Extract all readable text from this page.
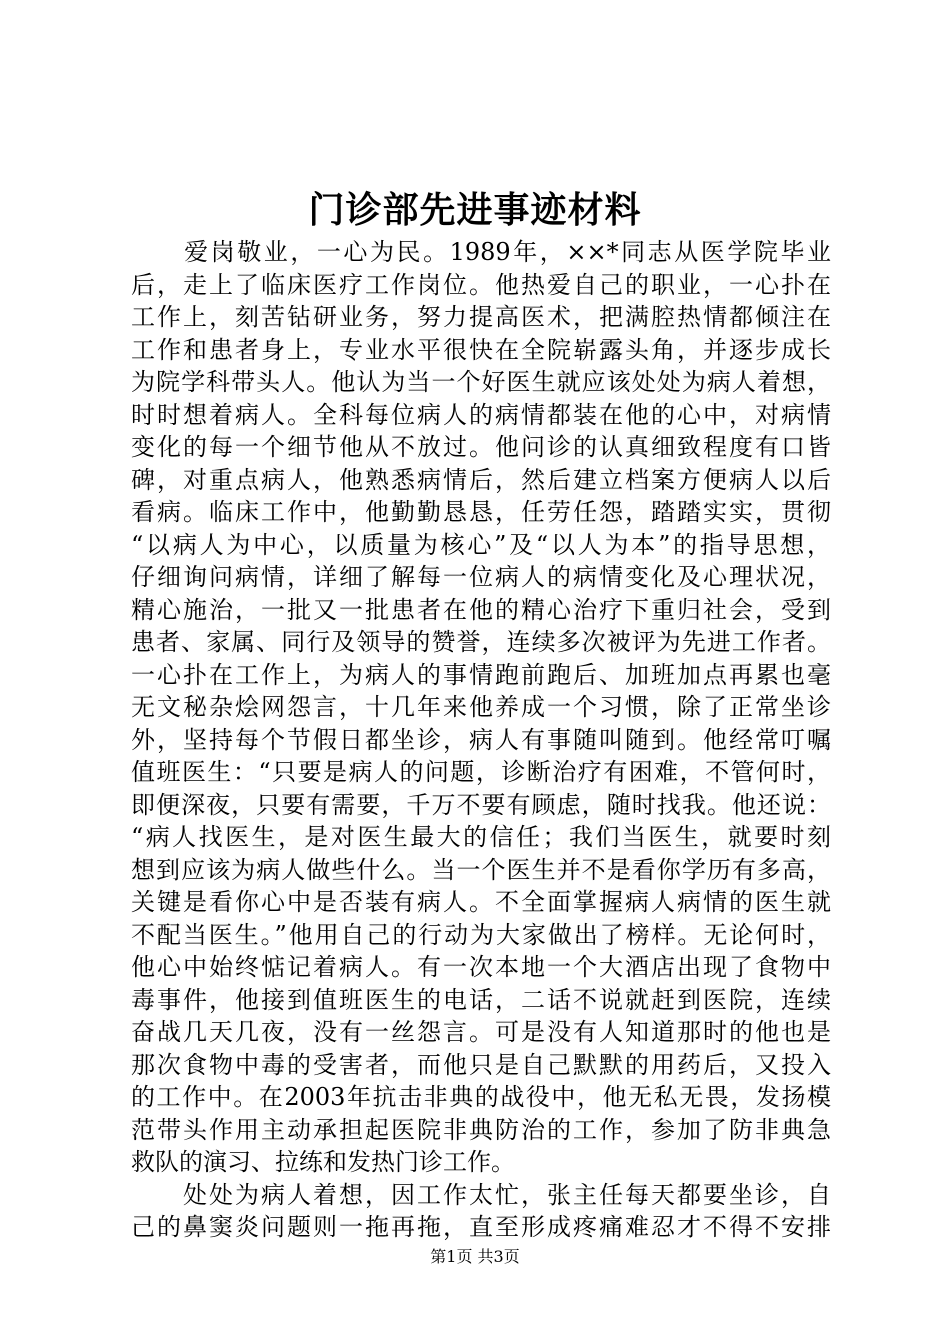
门诊部先进事迹材料
　　爱岗敬业，一心为民。1989年，××*同志从医学院毕业
后，走上了临床医疗工作岗位。他热爱自己的职业，一心扑在
工作上，刻苦钻研业务，努力提高医术，把满腔热情都倾注在
工作和患者身上，专业水平很快在全院崭露头角，并逐步成长
为院学科带头人。他认为当一个好医生就应该处处为病人着想，
时时想着病人。全科每位病人的病情都装在他的心中，对病情
变化的每一个细节他从不放过。他问诊的认真细致程度有口皆
碑，对重点病人，他熟悉病情后，然后建立档案方便病人以后
看病。临床工作中，他勤勤恳恳，任劳任怨，踏踏实实，贯彻
“以病人为中心，以质量为核心”及“以人为本”的指导思想，
仔细询问病情，详细了解每一位病人的病情变化及心理状况，
精心施治，一批又一批患者在他的精心治疗下重归社会，受到
患者、家属、同行及领导的赞誉，连续多次被评为先进工作者。
一心扑在工作上，为病人的事情跑前跑后、加班加点再累也毫
无文秘杂烩网怨言，十几年来他养成一个习惯，除了正常坐诊
外，坚持每个节假日都坐诊，病人有事随叫随到。他经常叮嘱
值班医生：“只要是病人的问题，诊断治疗有困难，不管何时，
即便深夜，只要有需要，千万不要有顾虑，随时找我。他还说：
“病人找医生，是对医生最大的信任；我们当医生，就要时刻
想到应该为病人做些什么。当一个医生并不是看你学历有多高，
关键是看你心中是否装有病人。不全面掌握病人病情的医生就
不配当医生。”他用自己的行动为大家做出了榜样。无论何时，
他心中始终惦记着病人。有一次本地一个大酒店出现了食物中
毒事件，他接到值班医生的电话，二话不说就赶到医院，连续
奋战几天几夜，没有一丝怨言。可是没有人知道那时的他也是
那次食物中毒的受害者，而他只是自己默默的用药后，又投入
的工作中。在2003年抗击非典的战役中，他无私无畏，发扬模
范带头作用主动承担起医院非典防治的工作，参加了防非典急
救队的演习、拉练和发热门诊工作。
　　处处为病人着想，因工作太忙，张主任每天都要坐诊，自
己的鼻窦炎问题则一拖再拖，直至形成疼痛难忍才不得不安排
第1页 共3页
